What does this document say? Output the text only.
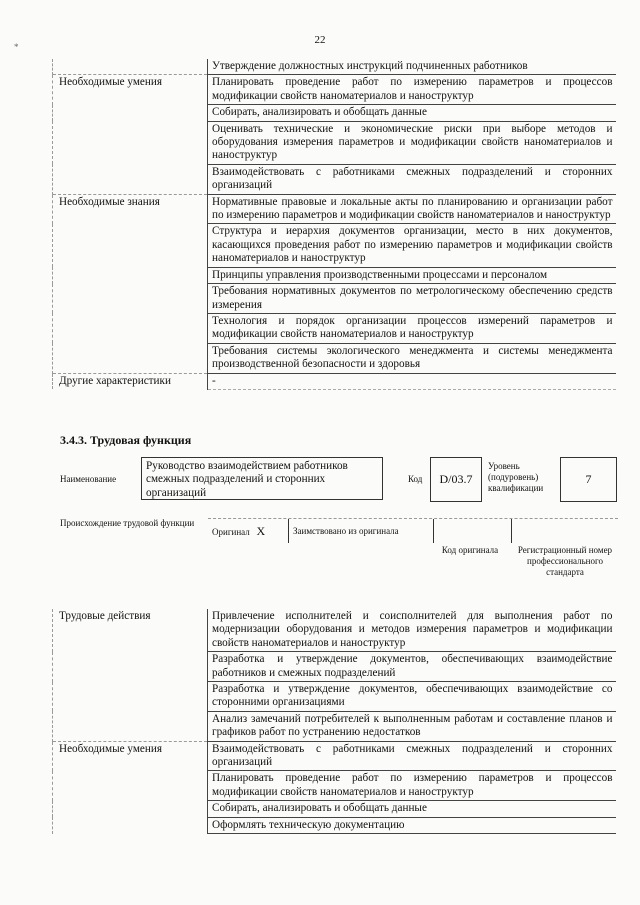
22
*
	Утверждение должностных инструкций подчиненных работников
Необходимые умения	Планировать проведение работ по измерению параметров и процессов модификации свойств наноматериалов и наноструктур
	Собирать, анализировать и обобщать данные
	Оценивать технические и экономические риски при выборе методов и оборудования измерения параметров и модификации свойств наноматериалов и наноструктур
	Взаимодействовать с работниками смежных подразделений и сторонних организаций
Необходимые знания	Нормативные правовые и локальные акты по планированию и организации работ по измерению параметров и модификации свойств наноматериалов и наноструктур
	Структура и иерархия документов организации, место в них документов, касающихся проведения работ по измерению параметров и модификации свойств наноматериалов и наноструктур
	Принципы управления производственными процессами и персоналом
	Требования нормативных документов по метрологическому обеспечению средств измерения
	Технология и порядок организации процессов измерений параметров и модификации свойств наноматериалов и наноструктур
	Требования системы экологического менеджмента и системы менеджмента производственной безопасности и здоровья
Другие характеристики	-
3.4.3. Трудовая функция
Наименование
Руководство взаимодействием работников смежных подразделений и сторонних организаций
Код	D/03.7
Уровень (подуровень) квалификации
7
Происхождение трудовой функции
Оригинал X	Заимствовано из оригинала
Код оригинала	Регистрационный номер профессионального стандарта
Трудовые действия	Привлечение исполнителей и соисполнителей для выполнения работ по модернизации оборудования и методов измерения параметров и модификации свойств наноматериалов и наноструктур
	Разработка и утверждение документов, обеспечивающих взаимодействие работников и смежных подразделений
	Разработка и утверждение документов, обеспечивающих взаимодействие со сторонними организациями
	Анализ замечаний потребителей к выполненным работам и составление планов и графиков работ по устранению недостатков
Необходимые умения	Взаимодействовать с работниками смежных подразделений и сторонних организаций
	Планировать проведение работ по измерению параметров и процессов модификации свойств наноматериалов и наноструктур
	Собирать, анализировать и обобщать данные
	Оформлять техническую документацию
